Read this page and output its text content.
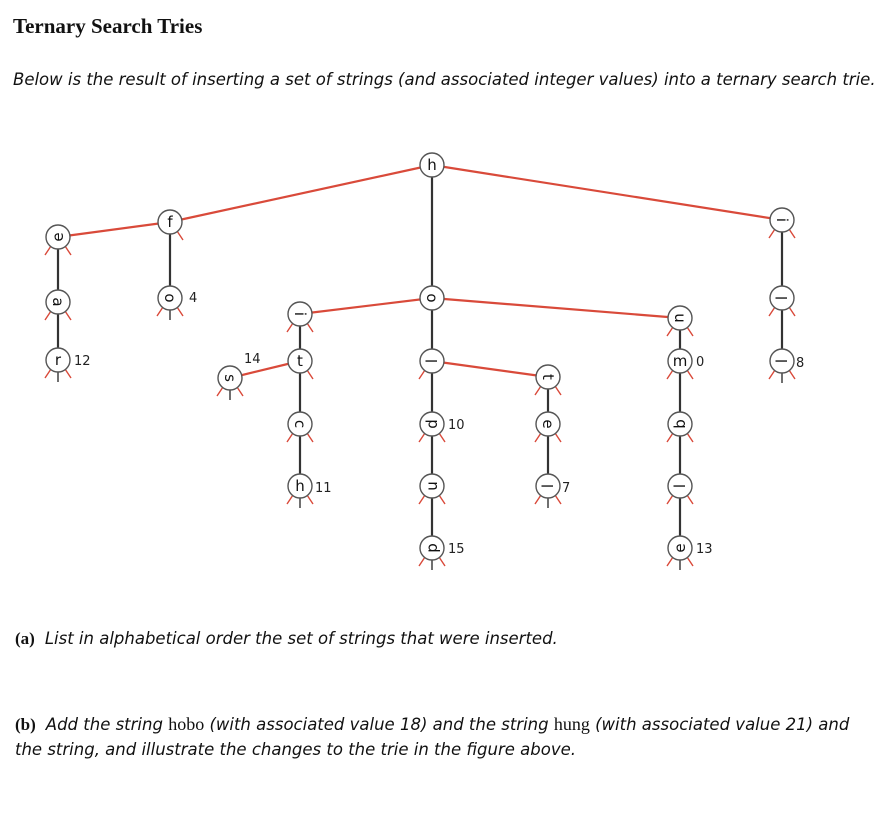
Ternary Search Tries
Below is the result of inserting a set of strings (and associated integer values) into a ternary search trie.
h
f
e
a
r 12
o 4	o
i
t
s
14
c
h 11
l
d 10
u
p 15
t
e
l 7
u
m 0
b
l
e 13
i
l
l 8
(a) List in alphabetical order the set of strings that were inserted.
(b) Add the string hobo (with associated value 18) and the string hung (with associated value 21) and the string, and illustrate the changes to the trie in the figure above.
